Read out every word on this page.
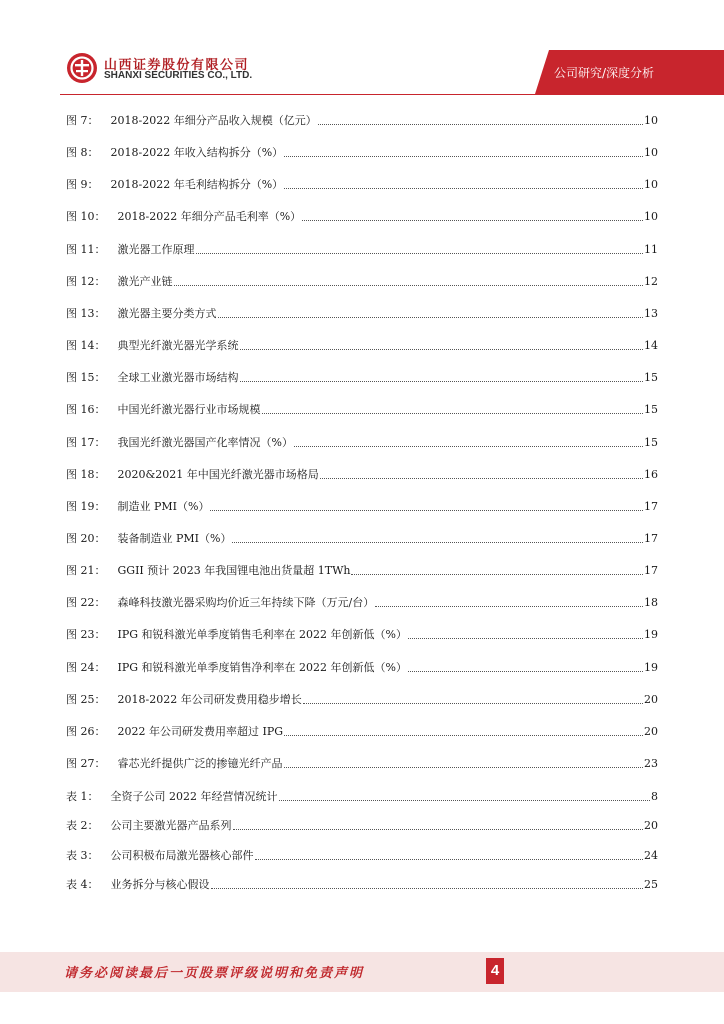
山西证券股份有限公司
SHANXI SECURITIES CO., LTD.	公司研究/深度分析
图 7： 2018-2022 年细分产品收入规模（亿元）	10
图 8： 2018-2022 年收入结构拆分（%）	10
图 9： 2018-2022 年毛利结构拆分（%）	10
图 10： 2018-2022 年细分产品毛利率（%）	10
图 11： 激光器工作原理	11
图 12： 激光产业链	12
图 13： 激光器主要分类方式	13
图 14： 典型光纤激光器光学系统	14
图 15： 全球工业激光器市场结构	15
图 16： 中国光纤激光器行业市场规模	15
图 17： 我国光纤激光器国产化率情况（%）	15
图 18： 2020&2021 年中国光纤激光器市场格局	16
图 19： 制造业 PMI（%）	17
图 20： 装备制造业 PMI（%）	17
图 21： GGII 预计 2023 年我国锂电池出货量超 1TWh	17
图 22： 森峰科技激光器采购均价近三年持续下降（万元/台）	18
图 23： IPG 和锐科激光单季度销售毛利率在 2022 年创新低（%）	19
图 24： IPG 和锐科激光单季度销售净利率在 2022 年创新低（%）	19
图 25： 2018-2022 年公司研发费用稳步增长	20
图 26： 2022 年公司研发费用率超过 IPG	20
图 27： 睿芯光纤提供广泛的掺镱光纤产品	23
表 1： 全资子公司 2022 年经营情况统计	8
表 2： 公司主要激光器产品系列	20
表 3： 公司积极布局激光器核心部件	24
表 4： 业务拆分与核心假设	25
请务必阅读最后一页股票评级说明和免责声明	4
